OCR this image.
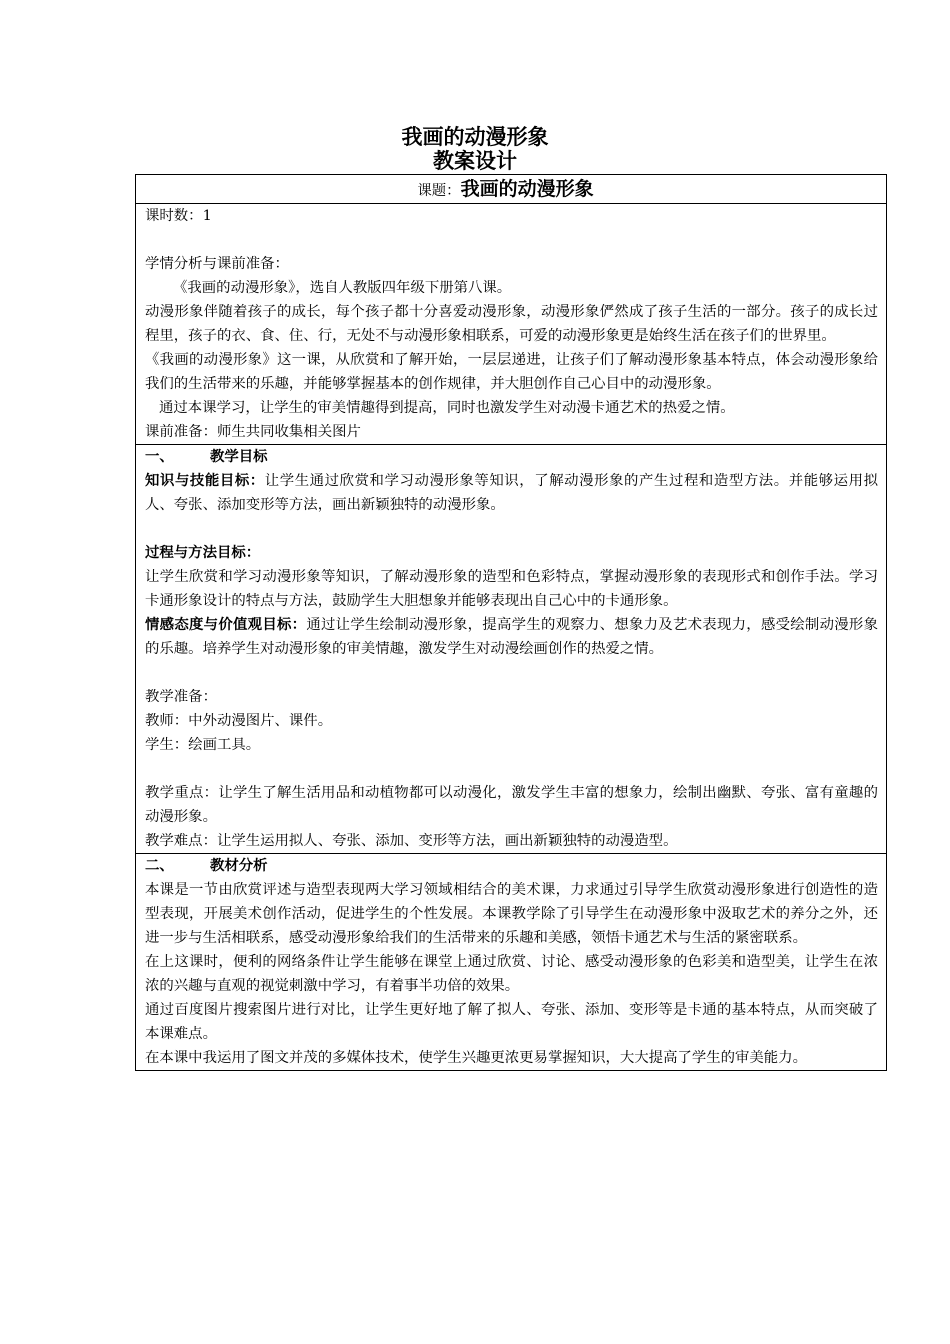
我画的动漫形象
教案设计
课题：我画的动漫形象
课时数：1
学情分析与课前准备：
《我画的动漫形象》，选自人教版四年级下册第八课。
动漫形象伴随着孩子的成长，每个孩子都十分喜爱动漫形象，动漫形象俨然成了孩子生活的一部分。孩子的成长过程里，孩子的衣、食、住、行，无处不与动漫形象相联系，可爱的动漫形象更是始终生活在孩子们的世界里。
《我画的动漫形象》这一课，从欣赏和了解开始，一层层递进，让孩子们了解动漫形象基本特点，体会动漫形象给我们的生活带来的乐趣，并能够掌握基本的创作规律，并大胆创作自己心目中的动漫形象。
通过本课学习，让学生的审美情趣得到提高，同时也激发学生对动漫卡通艺术的热爱之情。
课前准备：师生共同收集相关图片
一、	教学目标
知识与技能目标：让学生通过欣赏和学习动漫形象等知识，了解动漫形象的产生过程和造型方法。并能够运用拟人、夸张、添加变形等方法，画出新颖独特的动漫形象。
过程与方法目标：
让学生欣赏和学习动漫形象等知识，了解动漫形象的造型和色彩特点，掌握动漫形象的表现形式和创作手法。学习卡通形象设计的特点与方法，鼓励学生大胆想象并能够表现出自己心中的卡通形象。
情感态度与价值观目标：通过让学生绘制动漫形象，提高学生的观察力、想象力及艺术表现力，感受绘制动漫形象的乐趣。培养学生对动漫形象的审美情趣，激发学生对动漫绘画创作的热爱之情。
教学准备：
教师：中外动漫图片、课件。
学生：绘画工具。
教学重点：让学生了解生活用品和动植物都可以动漫化，激发学生丰富的想象力，绘制出幽默、夸张、富有童趣的动漫形象。
教学难点：让学生运用拟人、夸张、添加、变形等方法，画出新颖独特的动漫造型。
二、	教材分析
本课是一节由欣赏评述与造型表现两大学习领域相结合的美术课，力求通过引导学生欣赏动漫形象进行创造性的造型表现，开展美术创作活动，促进学生的个性发展。本课教学除了引导学生在动漫形象中汲取艺术的养分之外，还进一步与生活相联系，感受动漫形象给我们的生活带来的乐趣和美感，领悟卡通艺术与生活的紧密联系。
在上这课时，便利的网络条件让学生能够在课堂上通过欣赏、讨论、感受动漫形象的色彩美和造型美，让学生在浓浓的兴趣与直观的视觉刺激中学习，有着事半功倍的效果。
通过百度图片搜索图片进行对比，让学生更好地了解了拟人、夸张、添加、变形等是卡通的基本特点，从而突破了本课难点。
在本课中我运用了图文并茂的多媒体技术，使学生兴趣更浓更易掌握知识，大大提高了学生的审美能力。
